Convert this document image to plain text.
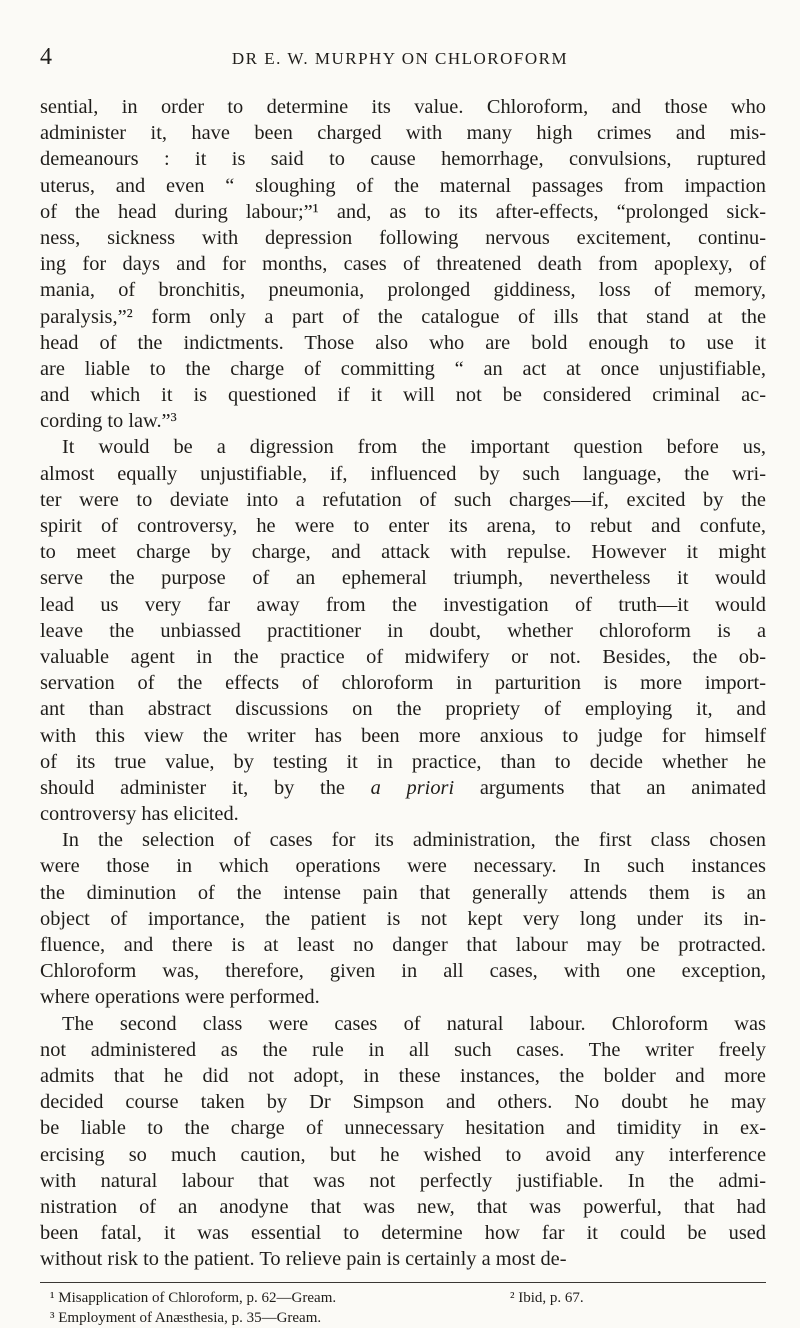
4	DR E. W. MURPHY ON CHLOROFORM
sential, in order to determine its value. Chloroform, and those who
administer it, have been charged with many high crimes and mis-
demeanours : it is said to cause hemorrhage, convulsions, ruptured
uterus, and even “ sloughing of the maternal passages from impaction
of the head during labour;”¹ and, as to its after-effects, “prolonged sick-
ness, sickness with depression following nervous excitement, continu-
ing for days and for months, cases of threatened death from apoplexy, of
mania, of bronchitis, pneumonia, prolonged giddiness, loss of memory,
paralysis,”² form only a part of the catalogue of ills that stand at the
head of the indictments. Those also who are bold enough to use it
are liable to the charge of committing “ an act at once unjustifiable,
and which it is questioned if it will not be considered criminal ac-
cording to law.”³
It would be a digression from the important question before us,
almost equally unjustifiable, if, influenced by such language, the wri-
ter were to deviate into a refutation of such charges—if, excited by the
spirit of controversy, he were to enter its arena, to rebut and confute,
to meet charge by charge, and attack with repulse. However it might
serve the purpose of an ephemeral triumph, nevertheless it would
lead us very far away from the investigation of truth—it would
leave the unbiassed practitioner in doubt, whether chloroform is a
valuable agent in the practice of midwifery or not. Besides, the ob-
servation of the effects of chloroform in parturition is more import-
ant than abstract discussions on the propriety of employing it, and
with this view the writer has been more anxious to judge for himself
of its true value, by testing it in practice, than to decide whether he
should administer it, by the a priori arguments that an animated
controversy has elicited.
In the selection of cases for its administration, the first class chosen
were those in which operations were necessary. In such instances
the diminution of the intense pain that generally attends them is an
object of importance, the patient is not kept very long under its in-
fluence, and there is at least no danger that labour may be protracted.
Chloroform was, therefore, given in all cases, with one exception,
where operations were performed.
The second class were cases of natural labour. Chloroform was
not administered as the rule in all such cases. The writer freely
admits that he did not adopt, in these instances, the bolder and more
decided course taken by Dr Simpson and others. No doubt he may
be liable to the charge of unnecessary hesitation and timidity in ex-
ercising so much caution, but he wished to avoid any interference
with natural labour that was not perfectly justifiable. In the admi-
nistration of an anodyne that was new, that was powerful, that had
been fatal, it was essential to determine how far it could be used
without risk to the patient. To relieve pain is certainly a most de-
¹ Misapplication of Chloroform, p. 62—Gream.	² Ibid, p. 67.
³ Employment of Anæsthesia, p. 35—Gream.
